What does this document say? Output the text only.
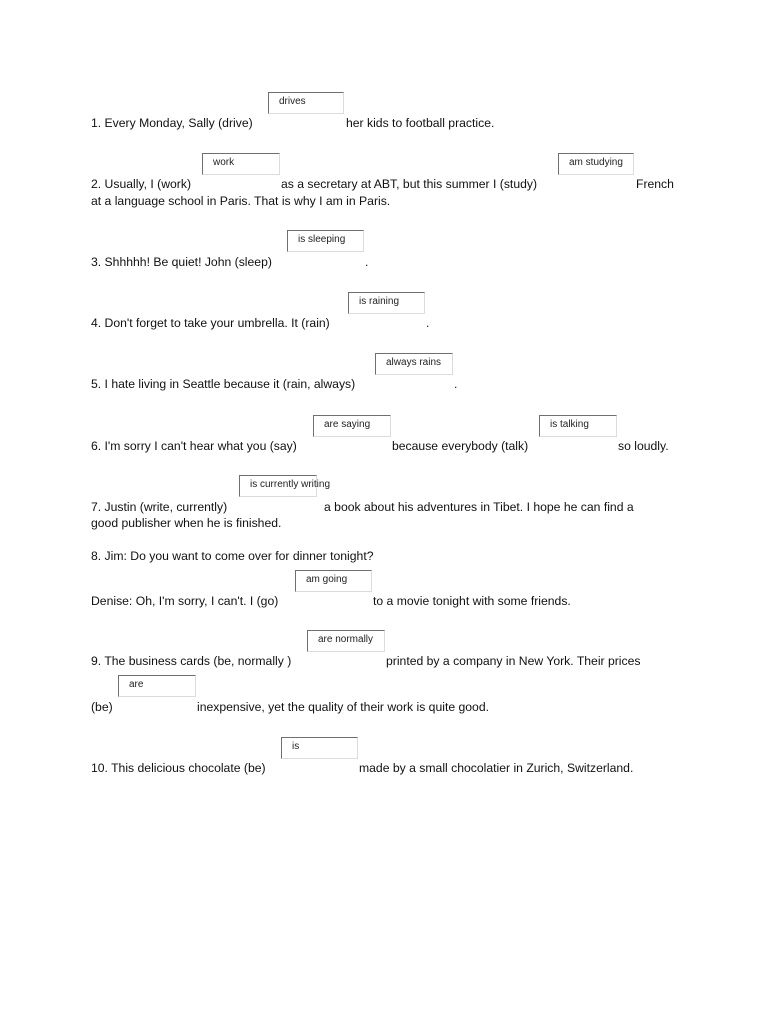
drives
1. Every Monday, Sally (drive)	her kids to football practice.
work	am studying
2. Usually, I (work)	as a secretary at ABT, but this summer I (study)	French
at a language school in Paris. That is why I am in Paris.
is sleeping
3. Shhhhh! Be quiet! John (sleep)	.
is raining
4. Don't forget to take your umbrella. It (rain)	.
always rains
5. I hate living in Seattle because it (rain, always)	.
are saying	is talking
6. I'm sorry I can't hear what you (say)	because everybody (talk)	so loudly.
is currently writing
7. Justin (write, currently)	a book about his adventures in Tibet. I hope he can find a
good publisher when he is finished.
8. Jim: Do you want to come over for dinner tonight?
am going
Denise: Oh, I'm sorry, I can't. I (go)	to a movie tonight with some friends.
are normally
9. The business cards (be, normally )	printed by a company in New York. Their prices
are
(be)	inexpensive, yet the quality of their work is quite good.
is
10. This delicious chocolate (be)	made by a small chocolatier in Zurich, Switzerland.
